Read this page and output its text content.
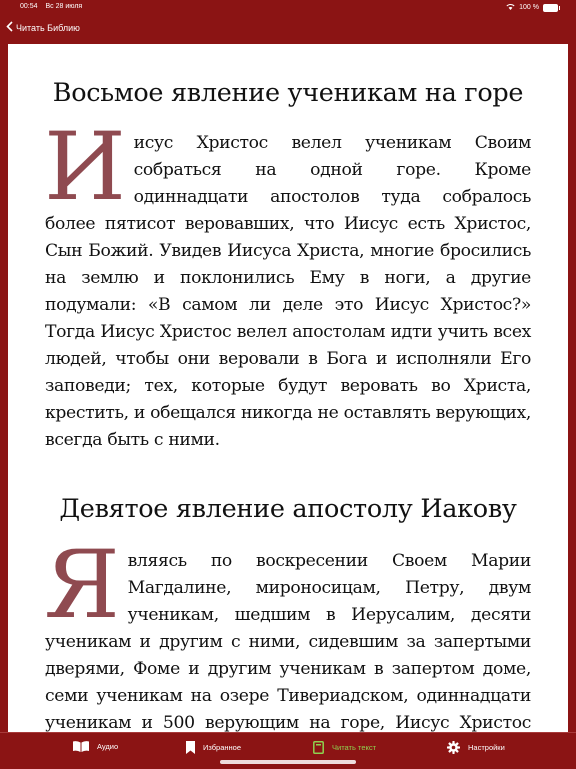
00:54 Вс 28 июля	100 %
Читать Библию
Восьмое явление ученикам на горе

Иисус Христос велел ученикам Своим собраться на одной горе. Кроме одиннадцати апостолов туда собралось более пятисот веровавших, что Иисус есть Христос, Сын Божий. Увидев Иисуса Христа, многие бросились на землю и поклонились Ему в ноги, а другие подумали: «В самом ли деле это Иисус Христос?» Тогда Иисус Христос велел апостолам идти учить всех людей, чтобы они веровали в Бога и исполняли Его заповеди; тех, которые будут веровать во Христа, крестить, и обещался никогда не оставлять верующих, всегда быть с ними.

Девятое явление апостолу Иакову

Являясь по воскресении Своем Марии Магдалине, мироносицам, Петру, двум ученикам, шедшим в Иерусалим, десяти ученикам и другим с ними, сидевшим за запертыми дверями, Фоме и другим ученикам в запертом доме, семи ученикам на озере Тивериадском, одиннадцати ученикам и 500 верующим на горе, Иисус Христос

Аудио	Избранное	Читать текст	Настройки
